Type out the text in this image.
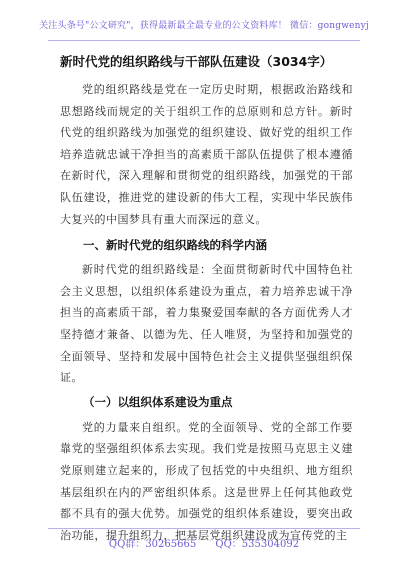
关注头条号"公文研究"，获得最新最全最专业的公文资料库！ 微信：gongwenyj
新时代党的组织路线与干部队伍建设（3034字）

党的组织路线是党在一定历史时期，根据政治路线和思想路线而规定的关于组织工作的总原则和总方针。新时代党的组织路线为加强党的组织建设、做好党的组织工作培养造就忠诚干净担当的高素质干部队伍提供了根本遵循在新时代，深入理解和贯彻党的组织路线，加强党的干部队伍建设，推进党的建设新的伟大工程，实现中华民族伟大复兴的中国梦具有重大而深远的意义。

一、新时代党的组织路线的科学内涵

新时代党的组织路线是：全面贯彻新时代中国特色社会主义思想，以组织体系建设为重点，着力培养忠诚干净担当的高素质干部，着力集聚爱国奉献的各方面优秀人才坚持德才兼备、以德为先、任人唯贤，为坚持和加强党的全面领导、坚持和发展中国特色社会主义提供坚强组织保证。

（一）以组织体系建设为重点

党的力量来自组织。党的全面领导、党的全部工作要靠党的坚强组织体系去实现。我们党是按照马克思主义建党原则建立起来的，形成了包括党的中央组织、地方组织基层组织在内的严密组织体系。这是世界上任何其他政党都不具有的强大优势。加强党的组织体系建设，要突出政治功能，提升组织力，把基层党组织建设成为宣传党的主

QQ群：30265665 QQ：535304092
